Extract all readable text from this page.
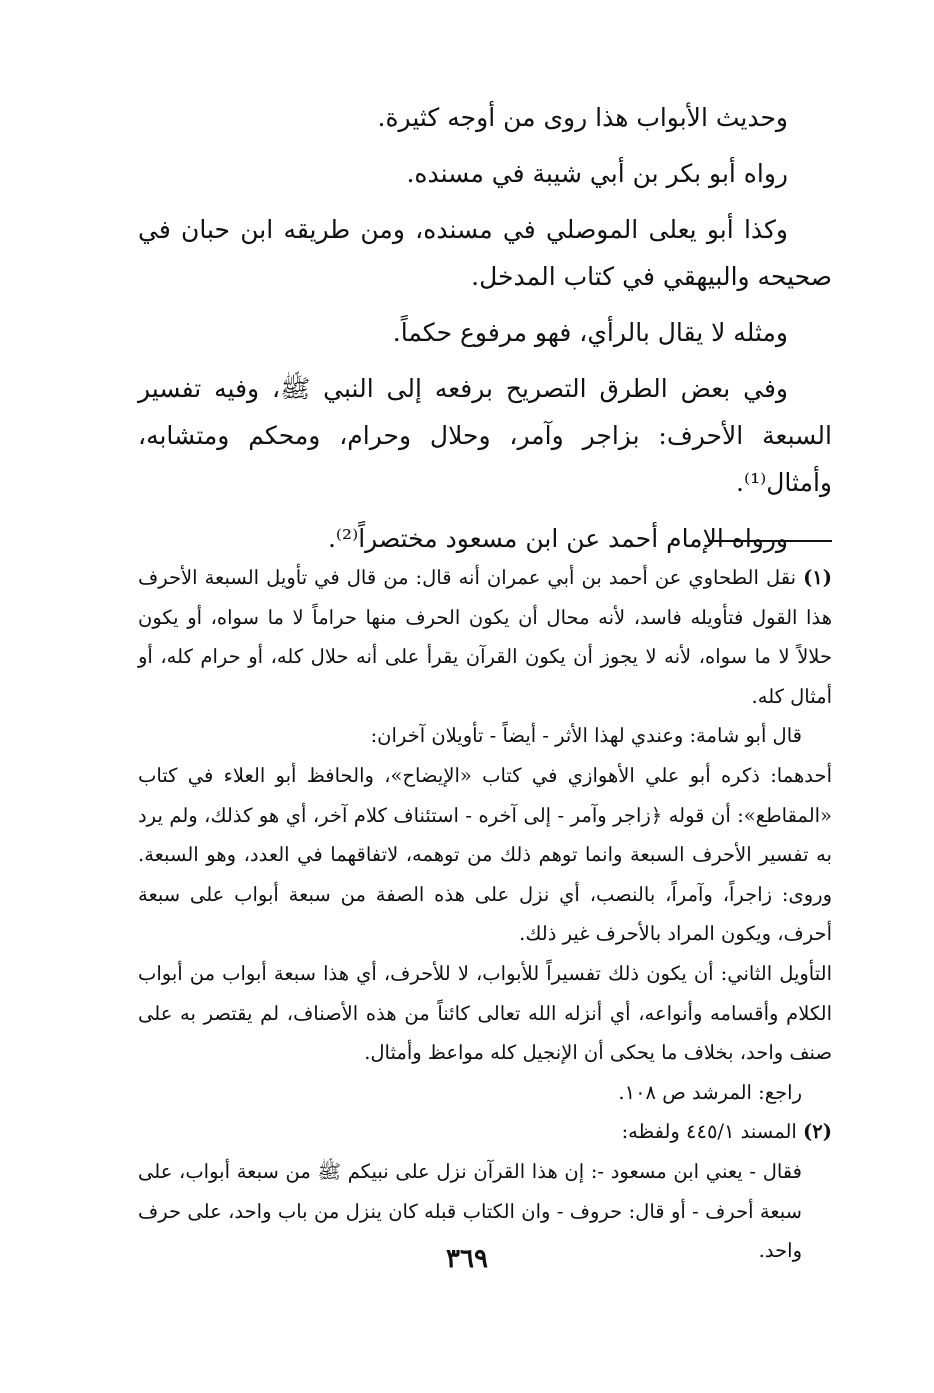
وحديث الأبواب هذا روى من أوجه كثيرة.

رواه أبو بكر بن أبي شيبة في مسنده.

وكذا أبو يعلى الموصلي في مسنده، ومن طريقه ابن حبان في صحيحه والبيهقي في كتاب المدخل.

ومثله لا يقال بالرأي، فهو مرفوع حكماً.

وفي بعض الطرق التصريح برفعه إلى النبي ﷺ، وفيه تفسير السبعة الأحرف: بزاجر وآمر، وحلال وحرام، ومحكم ومتشابه، وأمثال⁽¹⁾.

ورواه الإمام أحمد عن ابن مسعود مختصراً⁽²⁾.

(١) نقل الطحاوي عن أحمد بن أبي عمران أنه قال: من قال في تأويل السبعة الأحرف هذا القول فتأويله فاسد، لأنه محال أن يكون الحرف منها حراماً لا ما سواه، أو يكون حلالاً لا ما سواه، لأنه لا يجوز أن يكون القرآن يقرأ على أنه حلال كله، أو حرام كله، أو أمثال كله.

قال أبو شامة: وعندي لهذا الأثر - أيضاً - تأويلان آخران:

أحدهما: ذكره أبو علي الأهوازي في كتاب «الإيضاح»، والحافظ أبو العلاء في كتاب «المقاطع»: أن قوله ﴿زاجر وآمر - إلى آخره - استئناف كلام آخر، أي هو كذلك، ولم يرد به تفسير الأحرف السبعة وانما توهم ذلك من توهمه، لاتفاقهما في العدد، وهو السبعة. وروى: زاجراً، وآمراً، بالنصب، أي نزل على هذه الصفة من سبعة أبواب على سبعة أحرف، ويكون المراد بالأحرف غير ذلك.

التأويل الثاني: أن يكون ذلك تفسيراً للأبواب، لا للأحرف، أي هذا سبعة أبواب من أبواب الكلام وأقسامه وأنواعه، أي أنزله الله تعالى كائناً من هذه الأصناف، لم يقتصر به على صنف واحد، بخلاف ما يحكى أن الإنجيل كله مواعظ وأمثال.

راجع: المرشد ص ١٠٨.

(٢) المسند ٤٤٥/١ ولفظه:

فقال - يعني ابن مسعود -: إن هذا القرآن نزل على نبيكم ﷺ من سبعة أبواب، على سبعة أحرف - أو قال: حروف - وان الكتاب قبله كان ينزل من باب واحد، على حرف واحد.

٣٦٩
